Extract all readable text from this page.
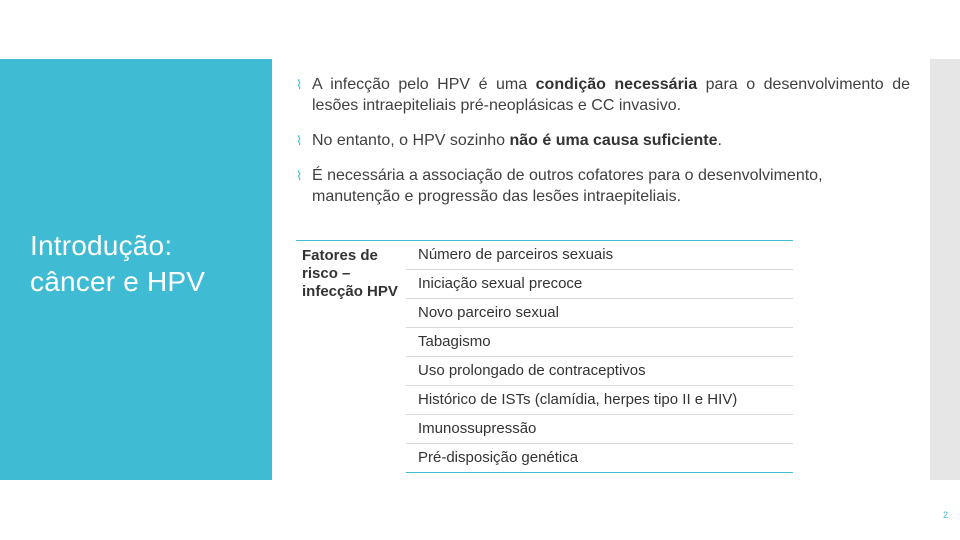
Introdução:
câncer e HPV
⌇ A infecção pelo HPV é uma condição necessária para o desenvolvimento de lesões intraepiteliais pré-neoplásicas e CC invasivo.
⌇ No entanto, o HPV sozinho não é uma causa suficiente.
⌇ É necessária a associação de outros cofatores para o desenvolvimento, manutenção e progressão das lesões intraepiteliais.
Fatores de risco – infecção HPV	Número de parceiros sexuais
Iniciação sexual precoce
Novo parceiro sexual
Tabagismo
Uso prolongado de contraceptivos
Histórico de ISTs (clamídia, herpes tipo II e HIV)
Imunossupressão
Pré-disposição genética
2
